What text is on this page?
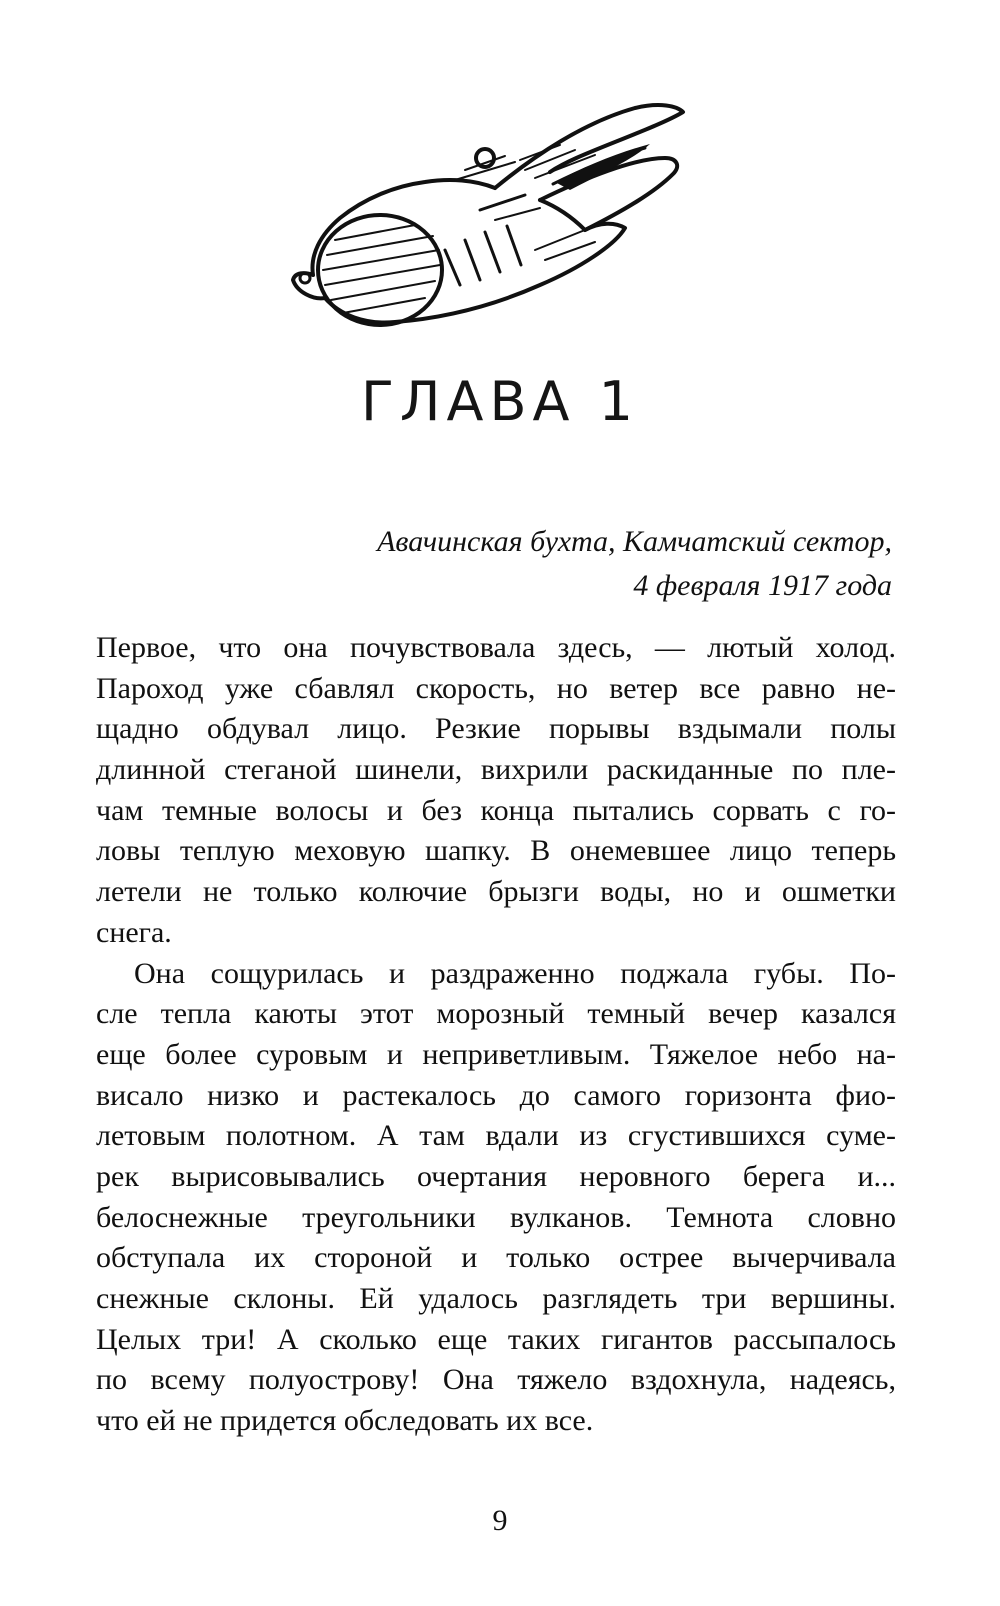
ГЛАВА 1
Авачинская бухта, Камчатский сектор,
4 февраля 1917 года
Первое, что она почувствовала здесь, — лютый холод.
Пароход уже сбавлял скорость, но ветер все равно не-
щадно обдувал лицо. Резкие порывы вздымали полы
длинной стеганой шинели, вихрили раскиданные по пле-
чам темные волосы и без конца пытались сорвать с го-
ловы теплую меховую шапку. В онемевшее лицо теперь
летели не только колючие брызги воды, но и ошметки
снега.
Она сощурилась и раздраженно поджала губы. По-
сле тепла каюты этот морозный темный вечер казался
еще более суровым и неприветливым. Тяжелое небо на-
висало низко и растекалось до самого горизонта фио-
летовым полотном. А там вдали из сгустившихся суме-
рек вырисовывались очертания неровного берега и...
белоснежные треугольники вулканов. Темнота словно
обступала их стороной и только острее вычерчивала
снежные склоны. Ей удалось разглядеть три вершины.
Целых три! А сколько еще таких гигантов рассыпалось
по всему полуострову! Она тяжело вздохнула, надеясь,
что ей не придется обследовать их все.
9
